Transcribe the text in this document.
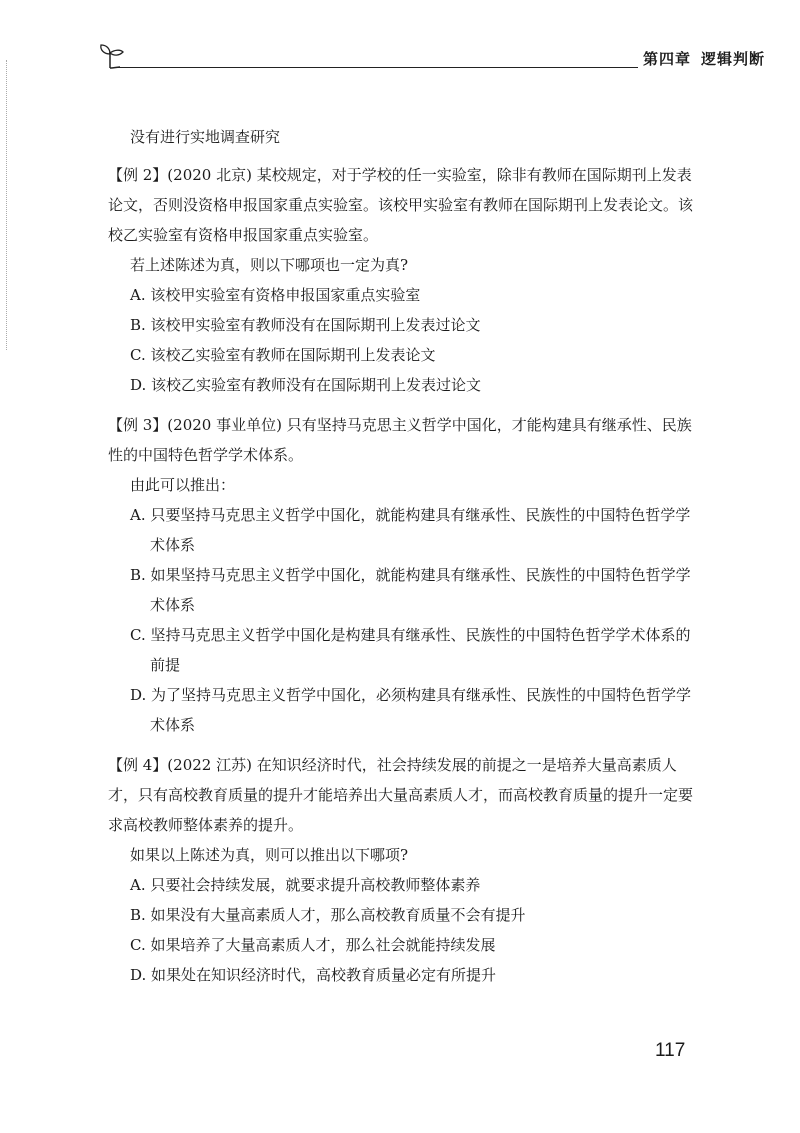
第四章 逻辑判断

没有进行实地调查研究

【例 2】(2020 北京) 某校规定，对于学校的任一实验室，除非有教师在国际期刊上发表论文，否则没资格申报国家重点实验室。该校甲实验室有教师在国际期刊上发表论文。该校乙实验室有资格申报国家重点实验室。

若上述陈述为真，则以下哪项也一定为真?

A. 该校甲实验室有资格申报国家重点实验室

B. 该校甲实验室有教师没有在国际期刊上发表过论文

C. 该校乙实验室有教师在国际期刊上发表论文

D. 该校乙实验室有教师没有在国际期刊上发表过论文

【例 3】(2020 事业单位) 只有坚持马克思主义哲学中国化，才能构建具有继承性、民族性的中国特色哲学学术体系。

由此可以推出：

A. 只要坚持马克思主义哲学中国化，就能构建具有继承性、民族性的中国特色哲学学术体系

B. 如果坚持马克思主义哲学中国化，就能构建具有继承性、民族性的中国特色哲学学术体系

C. 坚持马克思主义哲学中国化是构建具有继承性、民族性的中国特色哲学学术体系的前提

D. 为了坚持马克思主义哲学中国化，必须构建具有继承性、民族性的中国特色哲学学术体系

【例 4】(2022 江苏) 在知识经济时代，社会持续发展的前提之一是培养大量高素质人才，只有高校教育质量的提升才能培养出大量高素质人才，而高校教育质量的提升一定要求高校教师整体素养的提升。

如果以上陈述为真，则可以推出以下哪项?

A. 只要社会持续发展，就要求提升高校教师整体素养

B. 如果没有大量高素质人才，那么高校教育质量不会有提升

C. 如果培养了大量高素质人才，那么社会就能持续发展

D. 如果处在知识经济时代，高校教育质量必定有所提升

117
